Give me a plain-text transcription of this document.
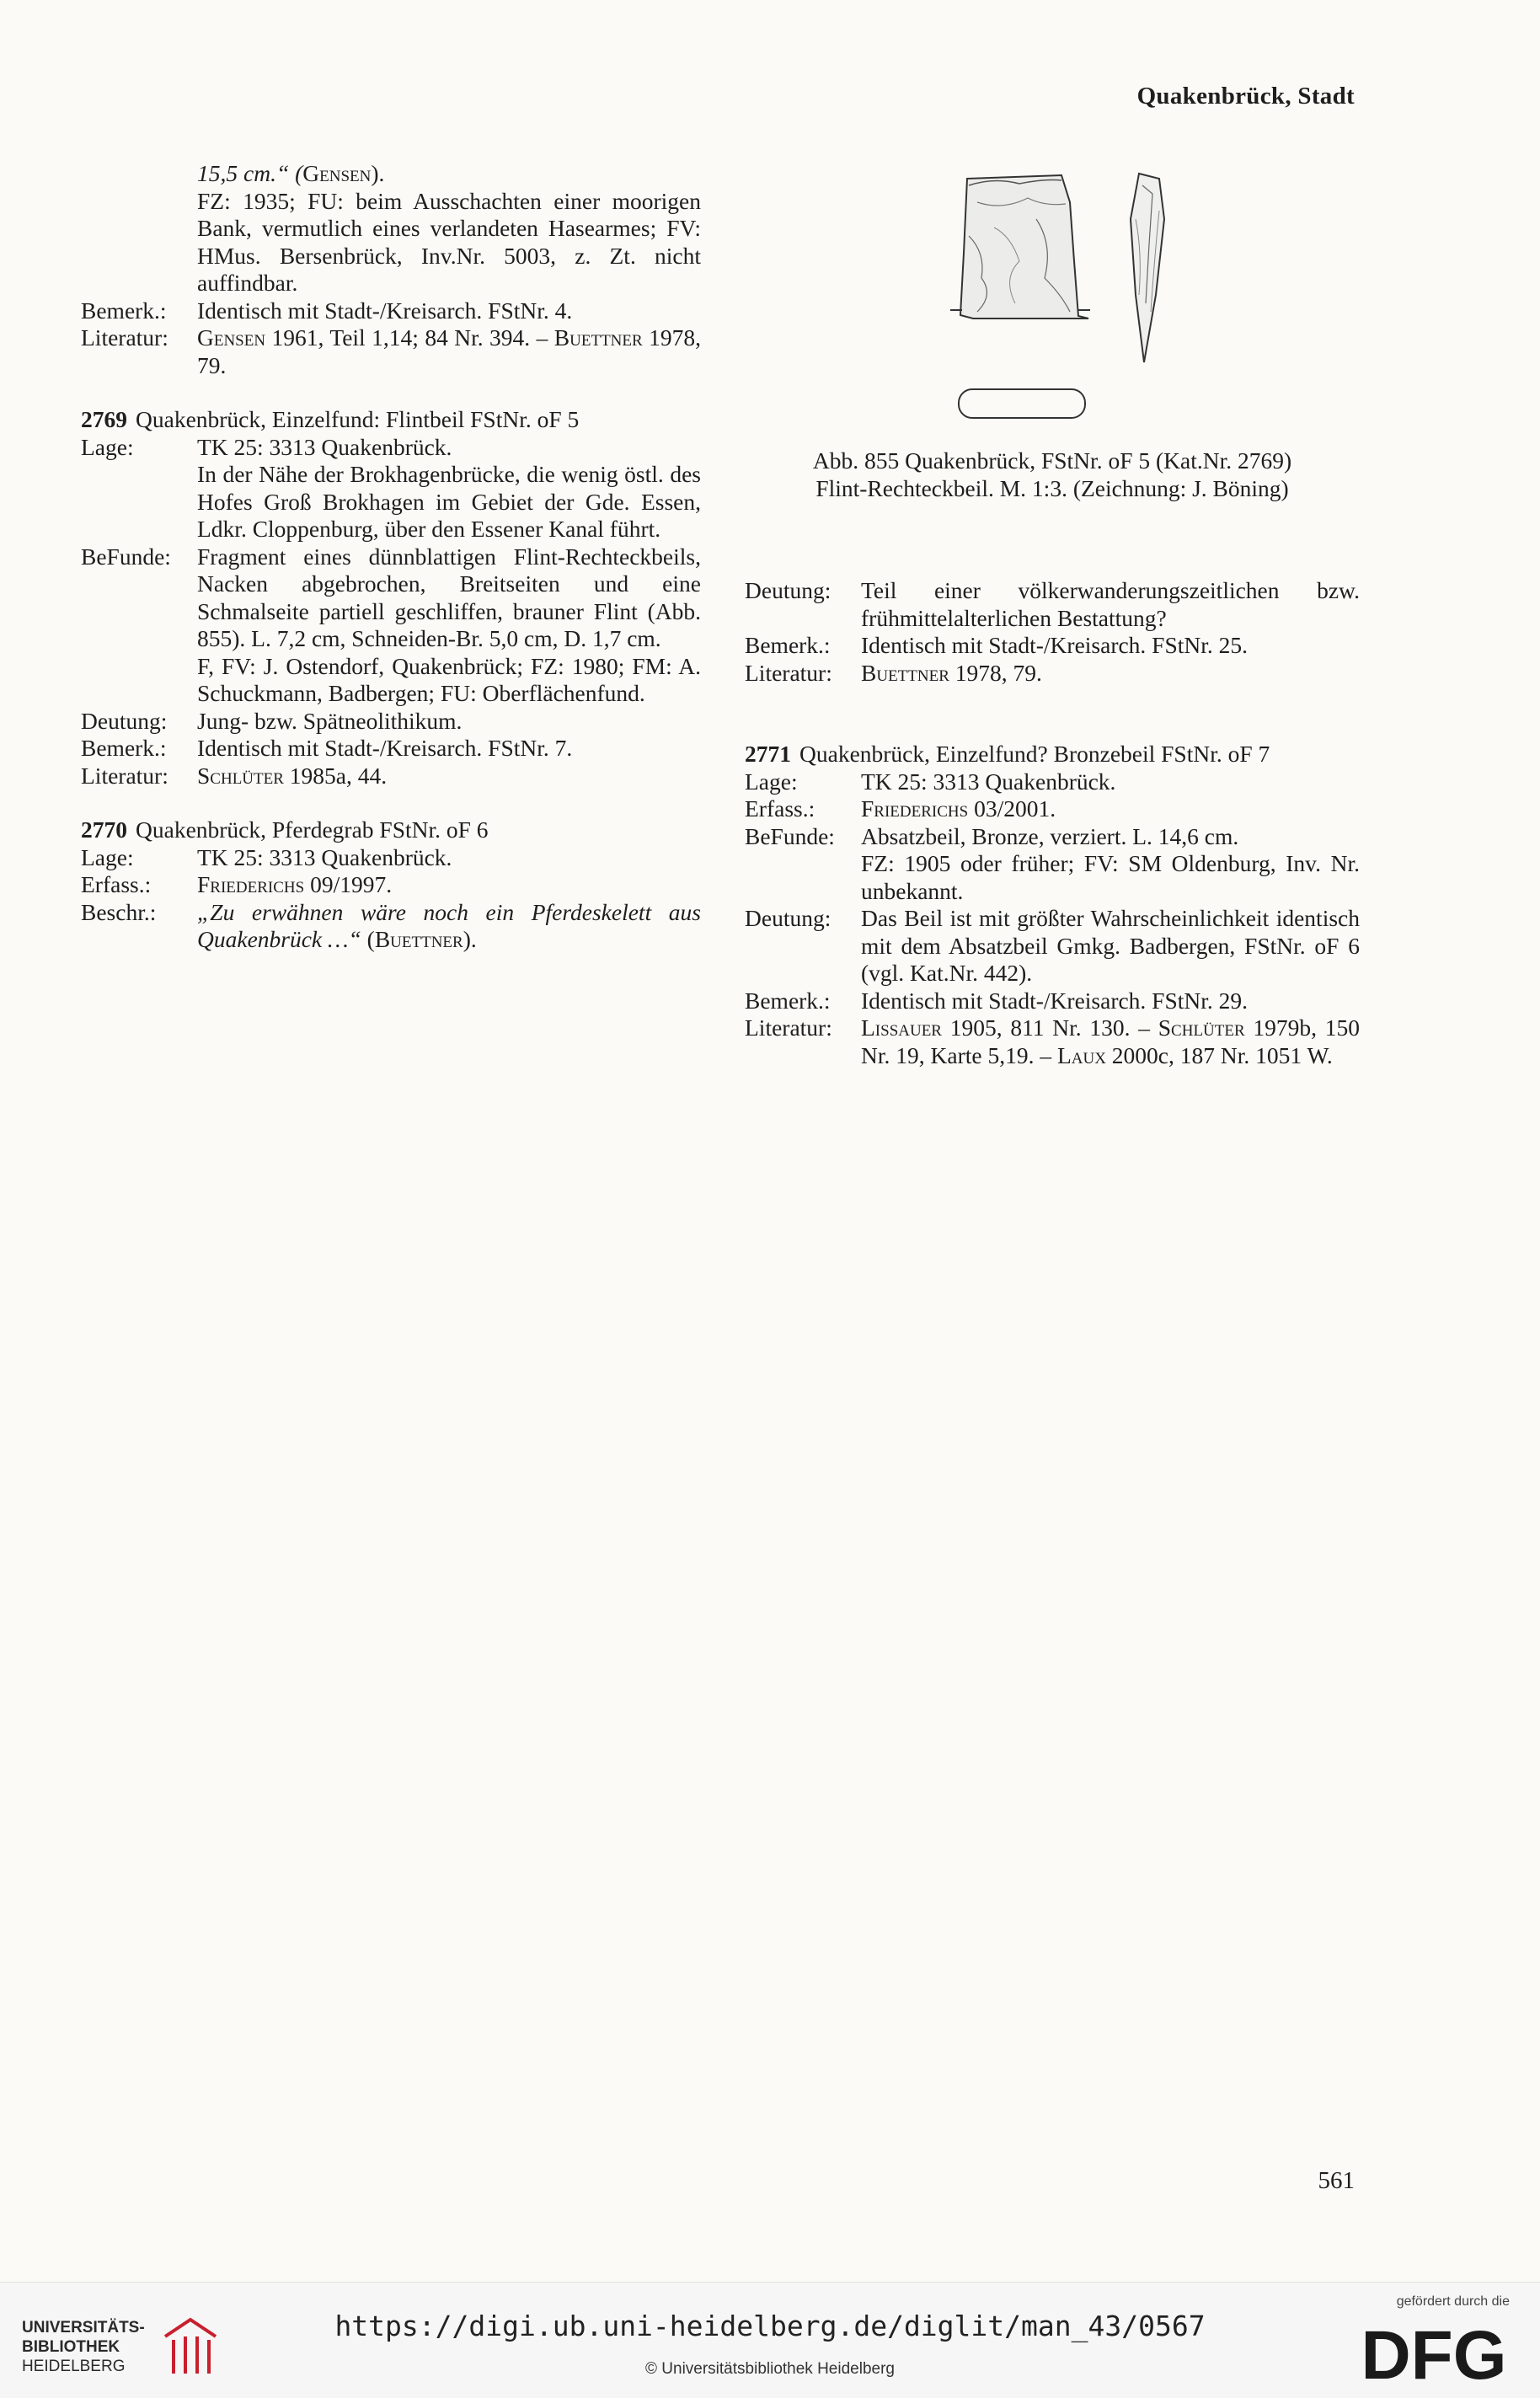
Quakenbrück, Stadt
15,5 cm.“ (Gensen).
FZ: 1935; FU: beim Ausschachten einer moorigen Bank, vermutlich eines verlandeten Hasearmes; FV: HMus. Bersenbrück, Inv.Nr. 5003, z. Zt. nicht auffindbar.
Bemerk.:	Identisch mit Stadt-/Kreisarch. FStNr. 4.
Literatur:	Gensen 1961, Teil 1,14; 84 Nr. 394. – Buettner 1978, 79.
2769 Quakenbrück, Einzelfund: Flintbeil FStNr. oF 5
Lage:	TK 25: 3313 Quakenbrück.
In der Nähe der Brokhagenbrücke, die wenig östl. des Hofes Groß Brokhagen im Gebiet der Gde. Essen, Ldkr. Cloppenburg, über den Essener Kanal führt.
BeFunde:	Fragment eines dünnblattigen Flint-Rechteckbeils, Nacken abgebrochen, Breitseiten und eine Schmalseite partiell geschliffen, brauner Flint (Abb. 855). L. 7,2 cm, Schneiden-Br. 5,0 cm, D. 1,7 cm.
F, FV: J. Ostendorf, Quakenbrück; FZ: 1980; FM: A. Schuckmann, Badbergen; FU: Oberflächenfund.
Deutung:	Jung- bzw. Spätneolithikum.
Bemerk.:	Identisch mit Stadt-/Kreisarch. FStNr. 7.
Literatur:	Schlüter 1985a, 44.
2770 Quakenbrück, Pferdegrab FStNr. oF 6
Lage:	TK 25: 3313 Quakenbrück.
Erfass.:	Friederichs 09/1997.
Beschr.:	„Zu erwähnen wäre noch ein Pferdeskelett aus Quakenbrück …“ (Buettner).
Abb. 855 Quakenbrück, FStNr. oF 5 (Kat.Nr. 2769)
Flint-Rechteckbeil. M. 1:3. (Zeichnung: J. Böning)
Deutung:	Teil einer völkerwanderungszeitlichen bzw. frühmittelalterlichen Bestattung?
Bemerk.:	Identisch mit Stadt-/Kreisarch. FStNr. 25.
Literatur:	Buettner 1978, 79.
2771 Quakenbrück, Einzelfund? Bronzebeil FStNr. oF 7
Lage:	TK 25: 3313 Quakenbrück.
Erfass.:	Friederichs 03/2001.
BeFunde:	Absatzbeil, Bronze, verziert. L. 14,6 cm.
FZ: 1905 oder früher; FV: SM Oldenburg, Inv. Nr. unbekannt.
Deutung:	Das Beil ist mit größter Wahrscheinlichkeit identisch mit dem Absatzbeil Gmkg. Badbergen, FStNr. oF 6 (vgl. Kat.Nr. 442).
Bemerk.:	Identisch mit Stadt-/Kreisarch. FStNr. 29.
Literatur:	Lissauer 1905, 811 Nr. 130. – Schlüter 1979b, 150 Nr. 19, Karte 5,19. – Laux 2000c, 187 Nr. 1051 W.
561
UNIVERSITÄTS-
BIBLIOTHEK
HEIDELBERG
https://digi.ub.uni-heidelberg.de/diglit/man_43/0567
© Universitätsbibliothek Heidelberg
gefördert durch die
DFG
